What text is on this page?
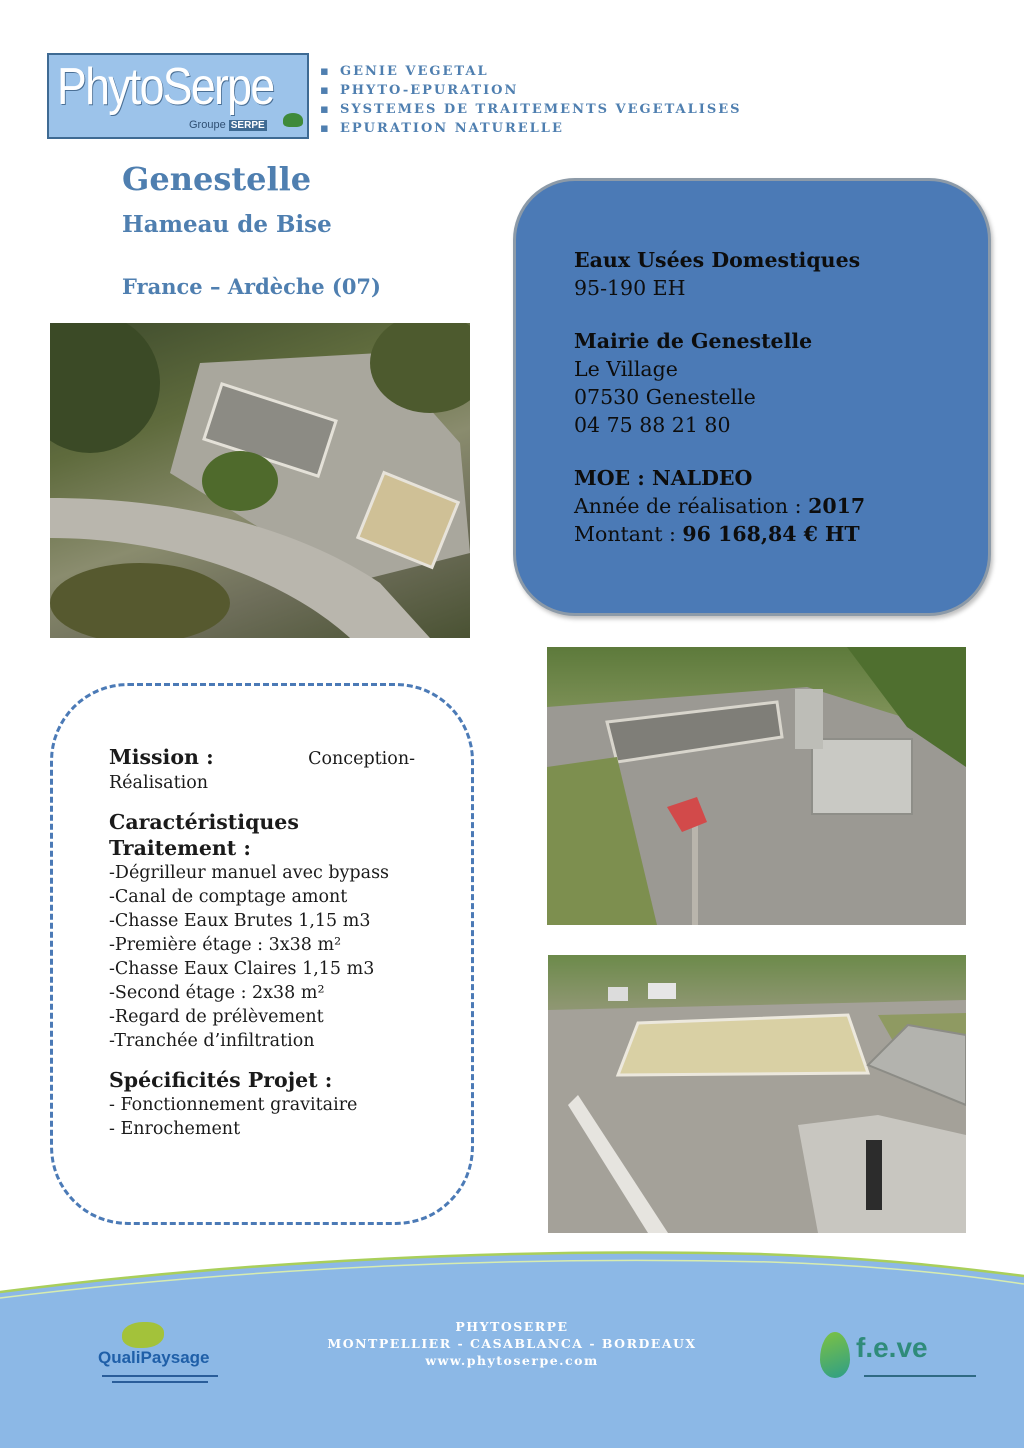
PhytoSerpe
Groupe SERPE
▪ GENIE VEGETAL
▪ PHYTO-EPURATION
▪ SYSTEMES DE TRAITEMENTS VEGETALISES
▪ EPURATION NATURELLE
Genestelle
Hameau de Bise
France – Ardèche (07)
Eaux Usées Domestiques
95-190 EH
Mairie de Genestelle
Le Village
07530 Genestelle
04 75 88 21 80
MOE : NALDEO
Année de réalisation : 2017
Montant : 96 168,84 € HT
Mission :	Conception-
Réalisation
Caractéristiques
Traitement :
-Dégrilleur manuel avec bypass
-Canal de comptage amont
-Chasse Eaux Brutes 1,15 m3
-Première étage : 3x38 m²
-Chasse Eaux Claires 1,15 m3
-Second étage : 2x38 m²
-Regard de prélèvement
-Tranchée d’infiltration
Spécificités Projet :
- Fonctionnement gravitaire
- Enrochement
PHYTOSERPE
MONTPELLIER - CASABLANCA - BORDEAUX
www.phytoserpe.com
QualiPaysage	f.e.ve
